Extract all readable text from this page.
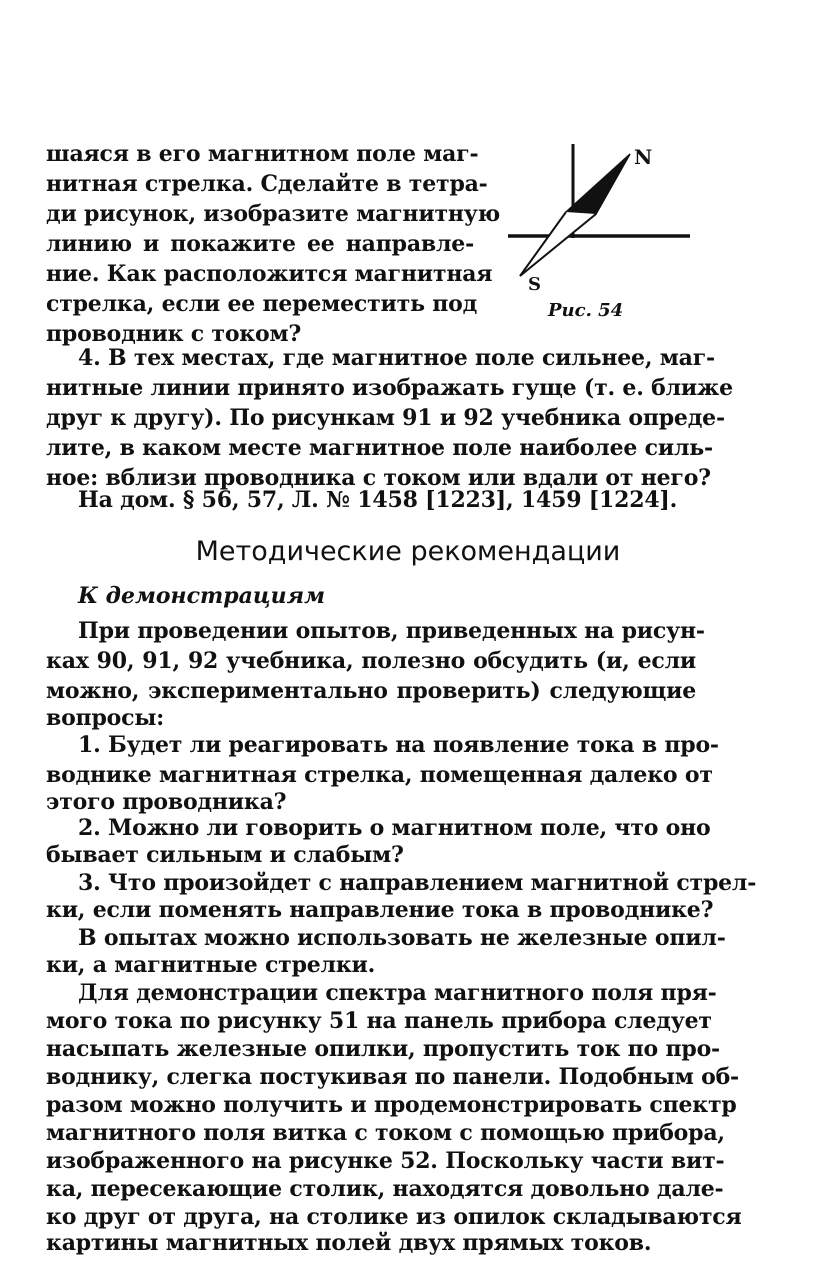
шаяся в его магнитном поле маг-
нитная стрелка. Сделайте в тетра-
ди рисунок, изобразите магнитную
линию и покажите ее направле-
ние. Как расположится магнитная
стрелка, если ее переместить под
проводник с током?
N
S
Рис. 54
4. В тех местах, где магнитное поле сильнее, маг-
нитные линии принято изображать гуще (т. е. ближе
друг к другу). По рисункам 91 и 92 учебника опреде-
лите, в каком месте магнитное поле наиболее силь-
ное: вблизи проводника с током или вдали от него?
На дом. § 56, 57, Л. № 1458 [1223], 1459 [1224].
Методические рекомендации
К демонстрациям
При проведении опытов, приведенных на рисун-
ках 90, 91, 92 учебника, полезно обсудить (и, если
можно, экспериментально проверить) следующие
вопросы:
1. Будет ли реагировать на появление тока в про-
воднике магнитная стрелка, помещенная далеко от
этого проводника?
2. Можно ли говорить о магнитном поле, что оно
бывает сильным и слабым?
3. Что произойдет с направлением магнитной стрел-
ки, если поменять направление тока в проводнике?
В опытах можно использовать не железные опил-
ки, а магнитные стрелки.
Для демонстрации спектра магнитного поля пря-
мого тока по рисунку 51 на панель прибора следует
насыпать железные опилки, пропустить ток по про-
воднику, слегка постукивая по панели. Подобным об-
разом можно получить и продемонстрировать спектр
магнитного поля витка с током с помощью прибора,
изображенного на рисунке 52. Поскольку части вит-
ка, пересекающие столик, находятся довольно дале-
ко друг от друга, на столике из опилок складываются
картины магнитных полей двух прямых токов.
